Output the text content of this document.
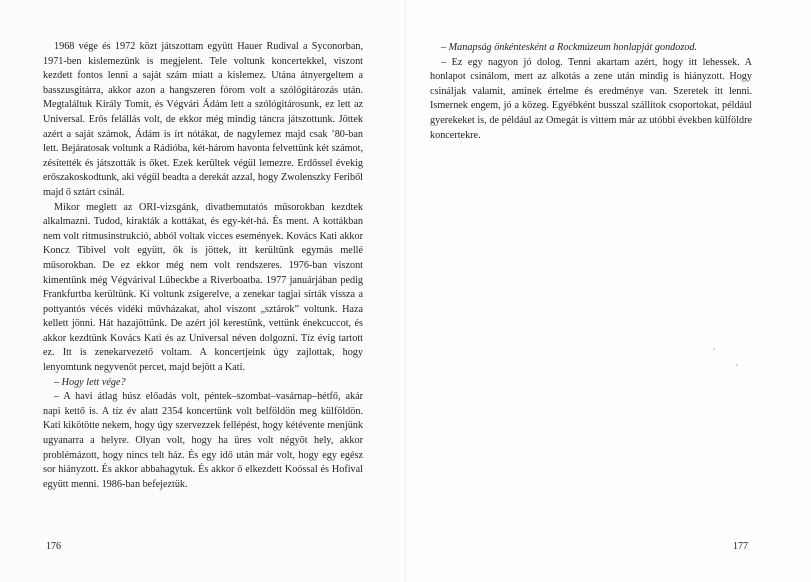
1968 vége és 1972 közt játszottam együtt Hauer Rudival a Syconorban, 1971-ben kislemezünk is megjelent. Tele voltunk koncertekkel, viszont kezdett fontos lenni a saját szám miatt a kislemez. Utána átnyergeltem a basszusgitárra, akkor azon a hangszeren fórom volt a szólógitározás után. Megtaláltuk Király Tomit, és Végvári Ádám lett a szólógitárosunk, ez lett az Universal. Erős felállás volt, de ekkor még mindig táncra játszottunk. Jöttek azért a saját számok, Ádám is írt nótákat, de nagylemez majd csak ’80-ban lett. Bejáratosak voltunk a Rádióba, két-három havonta felvettünk két számot, zésítették és játszották is őket. Ezek kerültek végül lemezre. Erdőssel évekig erőszakoskodtunk, aki végül beadta a derekát azzal, hogy Zwolenszky Feriből majd ő sztárt csinál.

Mikor meglett az ORI-vizsgánk, divatbemutatós műsorokban kezdtek alkalmazni. Tudod, kirakták a kottákat, és egy-két-há. És ment. A kottákban nem volt ritmusinstrukció, abból voltak vicces események. Kovács Kati akkor Koncz Tibivel volt együtt, ők is jöttek, itt kerültünk egymás mellé műsorokban. De ez ekkor még nem volt rendszeres. 1976-ban viszont kimentünk még Végvárival Lübeckbe a Riverboatba. 1977 januárjában pedig Frankfurtba kerültünk. Ki voltunk zsigerelve, a zenekar tagjai sírták vissza a pottyantós vécés vidéki művházakat, ahol viszont „sztárok” voltunk. Haza kellett jönni. Hát hazajöttünk. De azért jól kerestünk, vettünk énekcuccot, és akkor kezdtünk Kovács Kati és az Universal néven dolgozni. Tíz évig tartott ez. Itt is zenekarvezető voltam. A koncertjeink úgy zajlottak, hogy lenyomtunk negyvenöt percet, majd bejött a Kati.

– Hogy lett vége?

– A havi átlag húsz előadás volt, péntek–szombat–vasárnap–hétfő, akár napi kettő is. A tíz év alatt 2354 koncertünk volt belföldön meg külföldön. Kati kikötötte nekem, hogy úgy szervezzek fellépést, hogy kétévente menjünk ugyanarra a helyre. Olyan volt, hogy ha üres volt négyöt hely, akkor problémázott, hogy nincs telt ház. És egy idő után már volt, hogy egy egész sor hiányzott. És akkor abbahagytuk. És akkor ő elkezdett Koóssal és Hofival együtt menni. 1986-ban befejeztük.

176

– Manapság önkéntesként a Rockmúzeum honlapját gondozod.

– Ez egy nagyon jó dolog. Tenni akartam azért, hogy itt lehessek. A honlapot csinálom, mert az alkotás a zene után mindig is hiányzott. Hogy csináljak valamit, aminek értelme és eredménye van. Szeretek itt lenni. Ismernek engem, jó a közeg. Egyébként busszal szállítok csoportokat, például gyerekeket is, de például az Omegát is vittem már az utóbbi években külföldre koncertekre.

177
